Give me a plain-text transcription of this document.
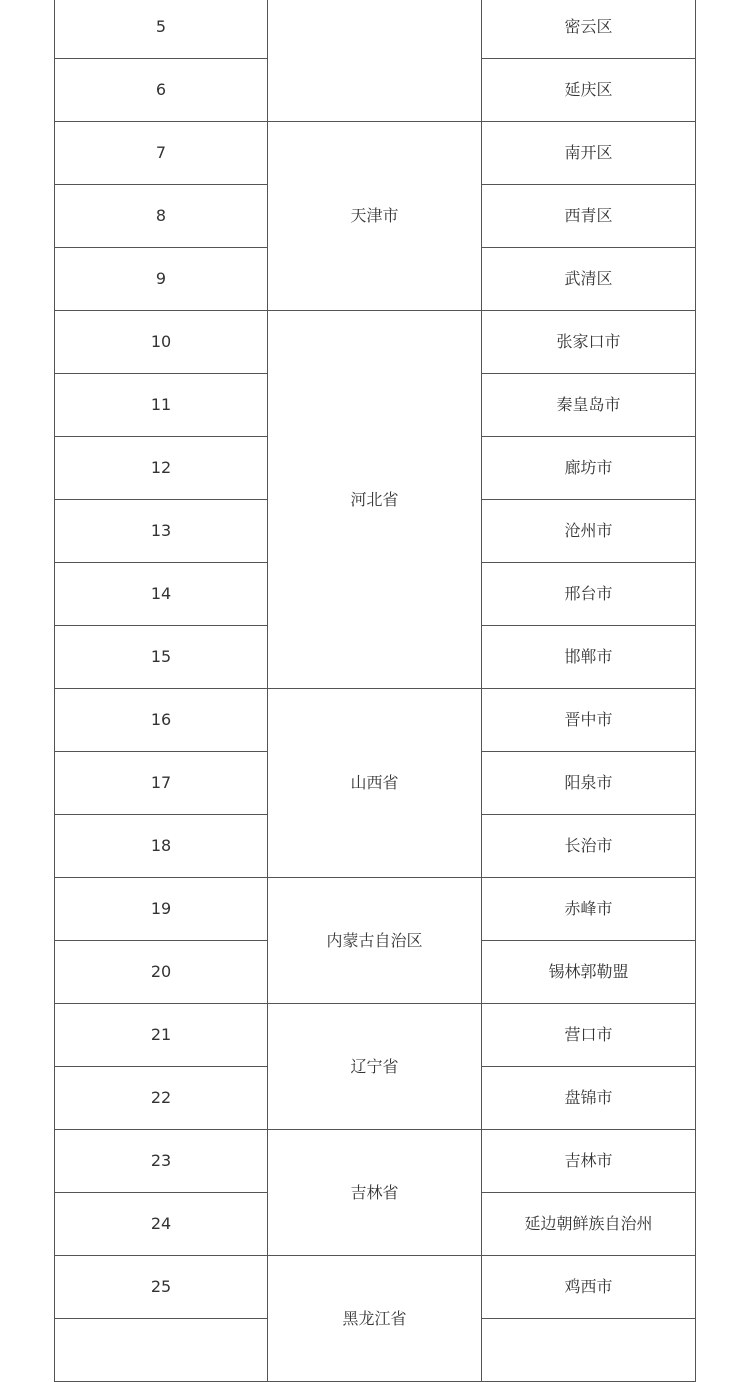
5		密云区
6		延庆区
7	天津市	南开区
8		西青区
9		武清区
10	河北省	张家口市
11		秦皇岛市
12		廊坊市
13		沧州市
14		邢台市
15		邯郸市
16	山西省	晋中市
17		阳泉市
18		长治市
19	内蒙古自治区	赤峰市
20		锡林郭勒盟
21	辽宁省	营口市
22		盘锦市
23	吉林省	吉林市
24		延边朝鲜族自治州
25	黑龙江省	鸡西市
